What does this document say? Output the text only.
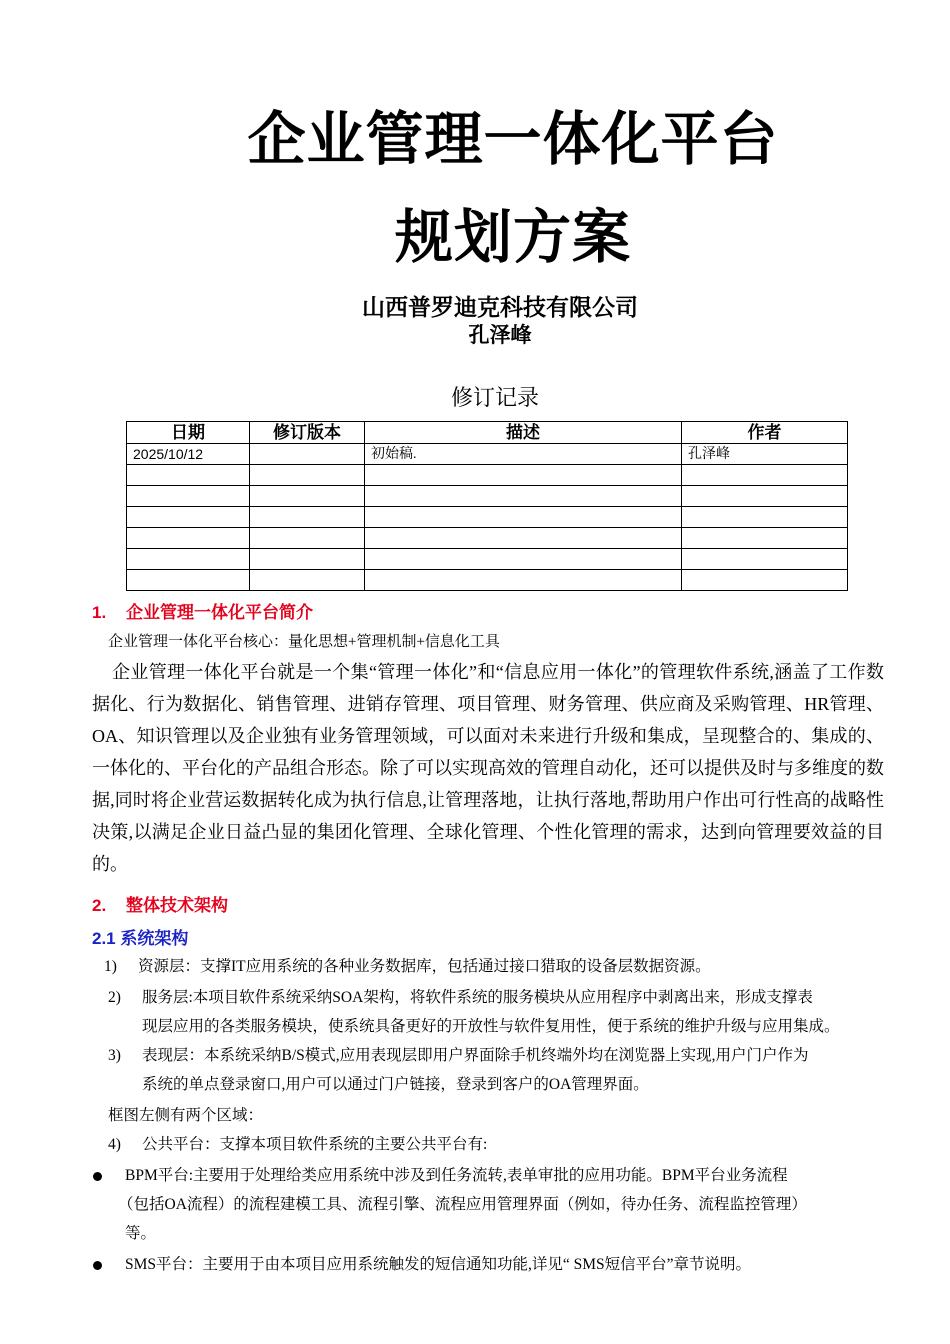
企业管理一体化平台
规划方案
山西普罗迪克科技有限公司
孔泽峰
修订记录
日期	修订版本	描述	作者
2025/10/12		初始稿.	孔泽峰

1. 企业管理一体化平台简介
企业管理一体化平台核心：量化思想+管理机制+信息化工具
企业管理一体化平台就是一个集“管理一体化”和“信息应用一体化”的管理软件系统,涵盖了工作数据化、行为数据化、销售管理、进销存管理、项目管理、财务管理、供应商及采购管理、HR管理、OA、知识管理以及企业独有业务管理领域，可以面对未来进行升级和集成，呈现整合的、集成的、一体化的、平台化的产品组合形态。除了可以实现高效的管理自动化，还可以提供及时与多维度的数据,同时将企业营运数据转化成为执行信息,让管理落地，让执行落地,帮助用户作出可行性高的战略性决策,以满足企业日益凸显的集团化管理、全球化管理、个性化管理的需求，达到向管理要效益的目的。
2. 整体技术架构
2.1 系统架构
1) 资源层：支撑IT应用系统的各种业务数据库，包括通过接口猎取的设备层数据资源。
2) 服务层:本项目软件系统采纳SOA架构，将软件系统的服务模块从应用程序中剥离出来，形成支撑表
现层应用的各类服务模块，使系统具备更好的开放性与软件复用性，便于系统的维护升级与应用集成。
3) 表现层：本系统采纳B/S模式,应用表现层即用户界面除手机终端外均在浏览器上实现,用户门户作为
系统的单点登录窗口,用户可以通过门户链接，登录到客户的OA管理界面。
框图左侧有两个区域：
4) 公共平台：支撑本项目软件系统的主要公共平台有:
BPM平台:主要用于处理给类应用系统中涉及到任务流转,表单审批的应用功能。BPM平台业务流程
（包括OA流程）的流程建模工具、流程引擎、流程应用管理界面（例如，待办任务、流程监控管理）
等。
SMS平台：主要用于由本项目应用系统触发的短信通知功能,详见“ SMS短信平台”章节说明。
